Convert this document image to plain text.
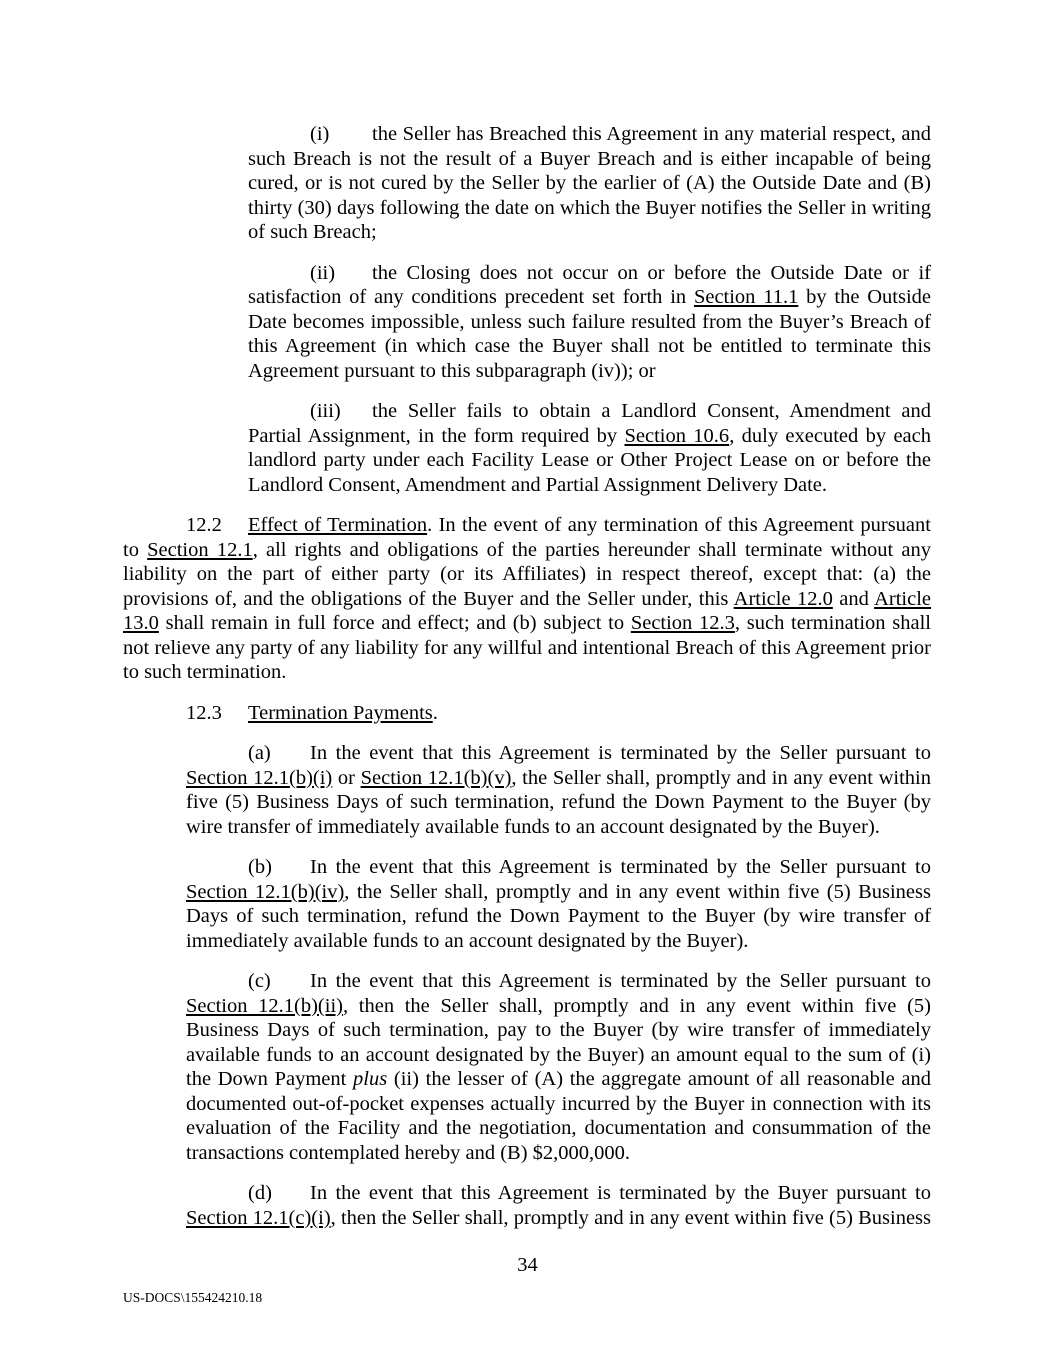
(i) the Seller has Breached this Agreement in any material respect, and such Breach is not the result of a Buyer Breach and is either incapable of being cured, or is not cured by the Seller by the earlier of (A) the Outside Date and (B) thirty (30) days following the date on which the Buyer notifies the Seller in writing of such Breach;

(ii) the Closing does not occur on or before the Outside Date or if satisfaction of any conditions precedent set forth in Section 11.1 by the Outside Date becomes impossible, unless such failure resulted from the Buyer’s Breach of this Agreement (in which case the Buyer shall not be entitled to terminate this Agreement pursuant to this subparagraph (iv)); or

(iii) the Seller fails to obtain a Landlord Consent, Amendment and Partial Assignment, in the form required by Section 10.6, duly executed by each landlord party under each Facility Lease or Other Project Lease on or before the Landlord Consent, Amendment and Partial Assignment Delivery Date.

12.2 Effect of Termination. In the event of any termination of this Agreement pursuant to Section 12.1, all rights and obligations of the parties hereunder shall terminate without any liability on the part of either party (or its Affiliates) in respect thereof, except that: (a) the provisions of, and the obligations of the Buyer and the Seller under, this Article 12.0 and Article 13.0 shall remain in full force and effect; and (b) subject to Section 12.3, such termination shall not relieve any party of any liability for any willful and intentional Breach of this Agreement prior to such termination.

12.3 Termination Payments.

(a) In the event that this Agreement is terminated by the Seller pursuant to Section 12.1(b)(i) or Section 12.1(b)(v), the Seller shall, promptly and in any event within five (5) Business Days of such termination, refund the Down Payment to the Buyer (by wire transfer of immediately available funds to an account designated by the Buyer).

(b) In the event that this Agreement is terminated by the Seller pursuant to Section 12.1(b)(iv), the Seller shall, promptly and in any event within five (5) Business Days of such termination, refund the Down Payment to the Buyer (by wire transfer of immediately available funds to an account designated by the Buyer).

(c) In the event that this Agreement is terminated by the Seller pursuant to Section 12.1(b)(ii), then the Seller shall, promptly and in any event within five (5) Business Days of such termination, pay to the Buyer (by wire transfer of immediately available funds to an account designated by the Buyer) an amount equal to the sum of (i) the Down Payment plus (ii) the lesser of (A) the aggregate amount of all reasonable and documented out-of-pocket expenses actually incurred by the Buyer in connection with its evaluation of the Facility and the negotiation, documentation and consummation of the transactions contemplated hereby and (B) $2,000,000.

(d) In the event that this Agreement is terminated by the Buyer pursuant to Section 12.1(c)(i), then the Seller shall, promptly and in any event within five (5) Business

34
US-DOCS\155424210.18
